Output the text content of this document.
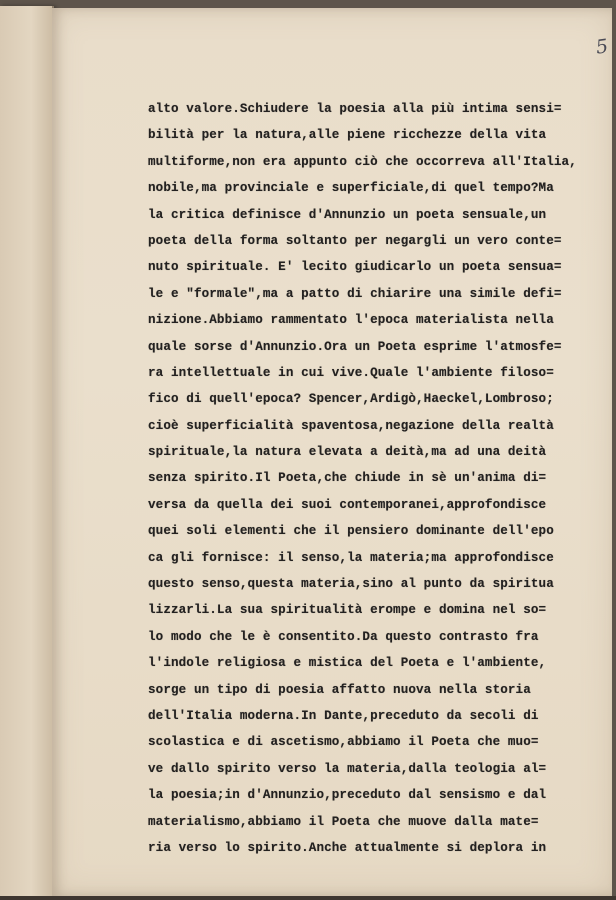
5
alto valore.Schiudere la poesia alla più intima sensi=
bilità per la natura,alle piene ricchezze della vita
multiforme,non era appunto ciò che occorreva all'Italia,
nobile,ma provinciale e superficiale,di quel tempo?Ma
la critica definisce d'Annunzio un poeta sensuale,un
poeta della forma soltanto per negargli un vero conte=
nuto spirituale. E' lecito giudicarlo un poeta sensua=
le e "formale",ma a patto di chiarire una simile defi=
nizione.Abbiamo rammentato l'epoca materialista nella
quale sorse d'Annunzio.Ora un Poeta esprime l'atmosfe=
ra intellettuale in cui vive.Quale l'ambiente filoso=
fico di quell'epoca? Spencer,Ardigò,Haeckel,Lombroso;
cioè superficialità spaventosa,negazione della realtà
spirituale,la natura elevata a deità,ma ad una deità
senza spirito.Il Poeta,che chiude in sè un'anima di=
versa da quella dei suoi contemporanei,approfondisce
quei soli elementi che il pensiero dominante dell'epo
ca gli fornisce: il senso,la materia;ma approfondisce
questo senso,questa materia,sino al punto da spiritua
lizzarli.La sua spiritualità erompe e domina nel so=
lo modo che le è consentito.Da questo contrasto fra
l'indole religiosa e mistica del Poeta e l'ambiente,
sorge un tipo di poesia affatto nuova nella storia
dell'Italia moderna.In Dante,preceduto da secoli di
scolastica e di ascetismo,abbiamo il Poeta che muo=
ve dallo spirito verso la materia,dalla teologia al=
la poesia;in d'Annunzio,preceduto dal sensismo e dal
materialismo,abbiamo il Poeta che muove dalla mate=
ria verso lo spirito.Anche attualmente si deplora in
